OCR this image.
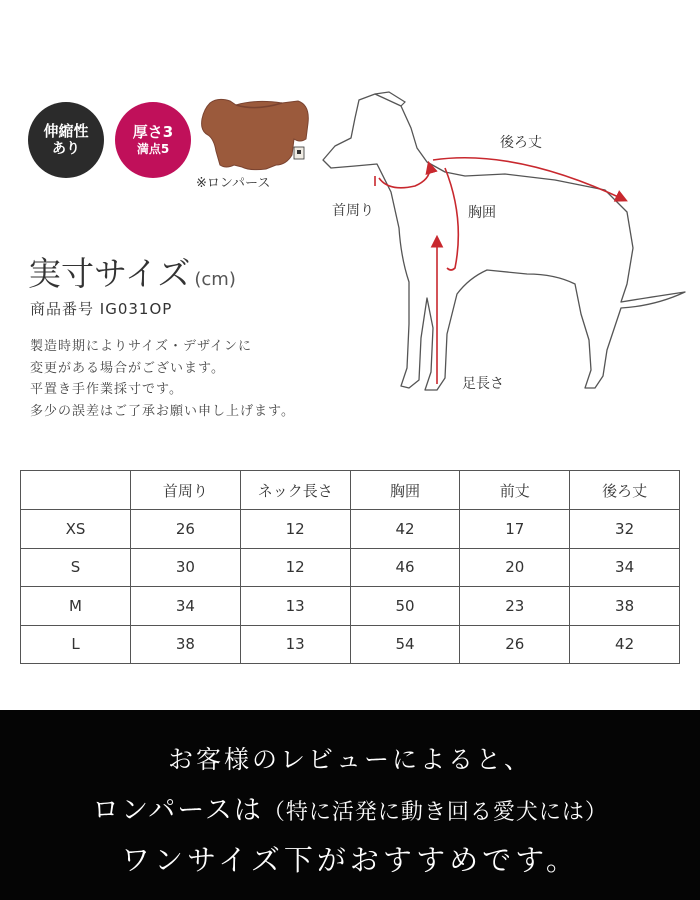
伸縮性
あり
厚さ3
満点5
※ロンパース
実寸サイズ (cm)
商品番号 IG031OP
製造時期によりサイズ・デザインに
変更がある場合がございます。
平置き手作業採寸です。
多少の誤差はご了承お願い申し上げます。
後ろ丈
首周り	胸囲
足長さ
	首周り	ネック長さ	胸囲	前丈	後ろ丈
XS	26	12	42	17	32
S	30	12	46	20	34
M	34	13	50	23	38
L	38	13	54	26	42
お客様のレビューによると、
ロンパースは（特に活発に動き回る愛犬には）
ワンサイズ下がおすすめです。
